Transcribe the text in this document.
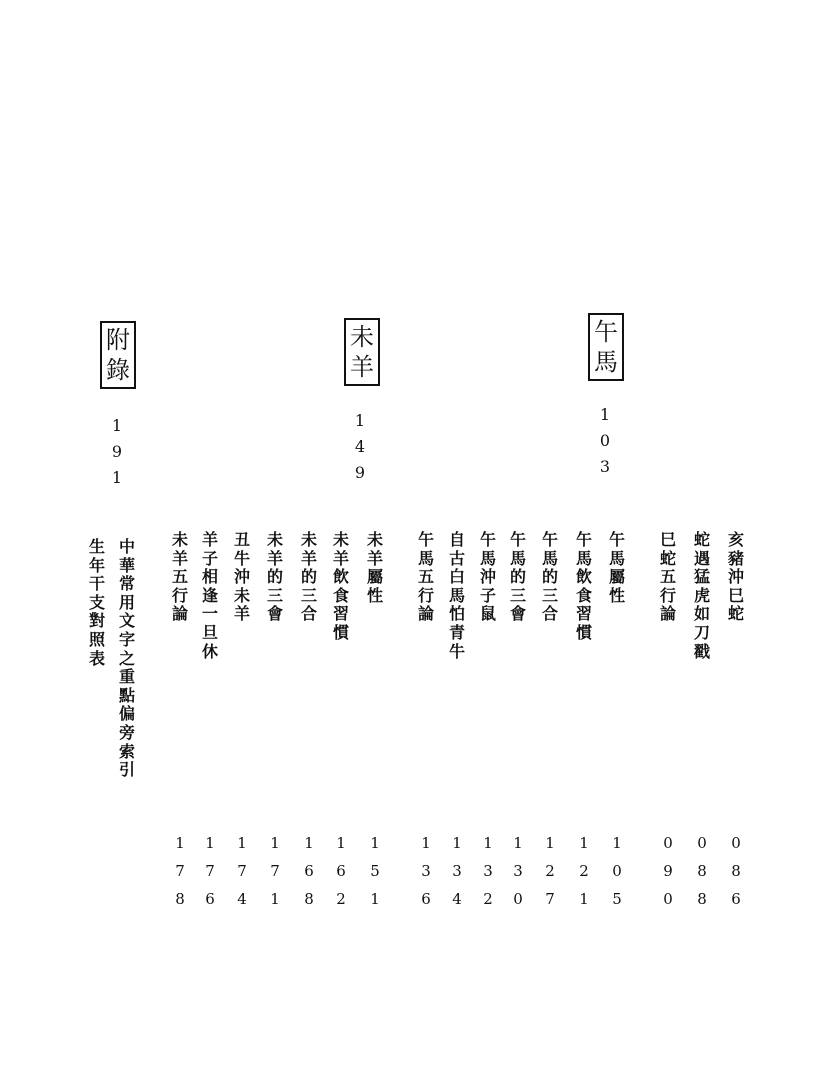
午
馬
1
0
3
未
羊
1
4
9
附
錄
1
9
1
亥
豬
沖
巳
蛇
0
8
6
蛇
遇
猛
虎
如
刀
戳
0
8
8
巳
蛇
五
行
論
0
9
0
午
馬
屬
性
1
0
5
午
馬
飲
食
習
慣
1
2
1
午
馬
的
三
合
1
2
7
午
馬
的
三
會
1
3
0
午
馬
沖
子
鼠
1
3
2
自
古
白
馬
怕
青
牛
1
3
4
午
馬
五
行
論
1
3
6
未
羊
屬
性
1
5
1
未
羊
飲
食
習
慣
1
6
2
未
羊
的
三
合
1
6
8
未
羊
的
三
會
1
7
1
丑
牛
沖
未
羊
1
7
4
羊
子
相
逢
一
旦
休
1
7
6
未
羊
五
行
論
1
7
8
中
華
常
用
文
字
之
重
點
偏
旁
索
引
生
年
干
支
對
照
表
